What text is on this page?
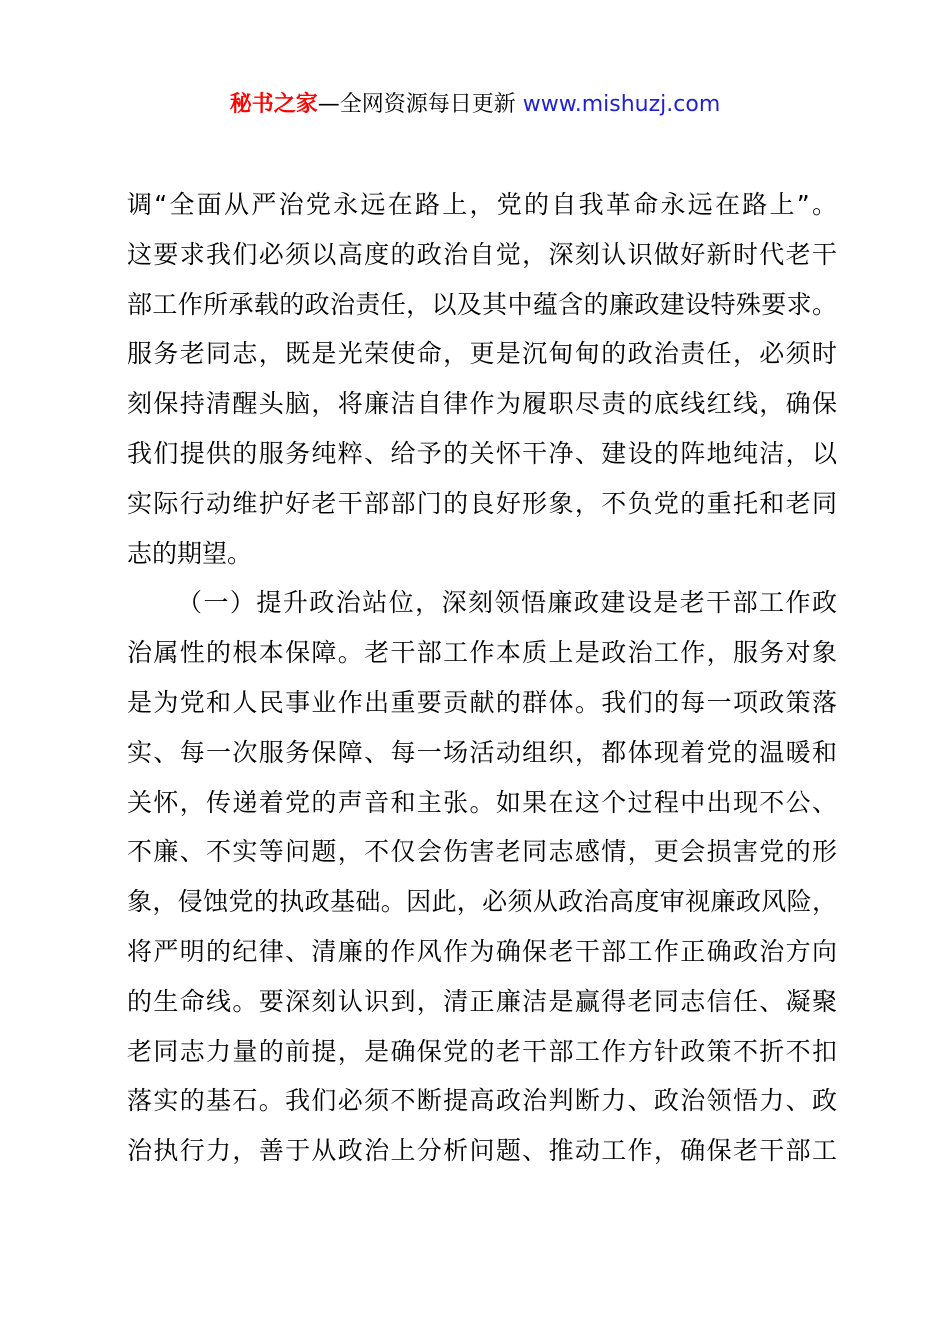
秘书之家—全网资源每日更新 www.mishuzj.com
调“全面从严治党永远在路上，党的自我革命永远在路上”。
这要求我们必须以高度的政治自觉，深刻认识做好新时代老干
部工作所承载的政治责任，以及其中蕴含的廉政建设特殊要求。
服务老同志，既是光荣使命，更是沉甸甸的政治责任，必须时
刻保持清醒头脑，将廉洁自律作为履职尽责的底线红线，确保
我们提供的服务纯粹、给予的关怀干净、建设的阵地纯洁，以
实际行动维护好老干部部门的良好形象，不负党的重托和老同
志的期望。
（一）提升政治站位，深刻领悟廉政建设是老干部工作政
治属性的根本保障。老干部工作本质上是政治工作，服务对象
是为党和人民事业作出重要贡献的群体。我们的每一项政策落
实、每一次服务保障、每一场活动组织，都体现着党的温暖和
关怀，传递着党的声音和主张。如果在这个过程中出现不公、
不廉、不实等问题，不仅会伤害老同志感情，更会损害党的形
象，侵蚀党的执政基础。因此，必须从政治高度审视廉政风险，
将严明的纪律、清廉的作风作为确保老干部工作正确政治方向
的生命线。要深刻认识到，清正廉洁是赢得老同志信任、凝聚
老同志力量的前提，是确保党的老干部工作方针政策不折不扣
落实的基石。我们必须不断提高政治判断力、政治领悟力、政
治执行力，善于从政治上分析问题、推动工作，确保老干部工
